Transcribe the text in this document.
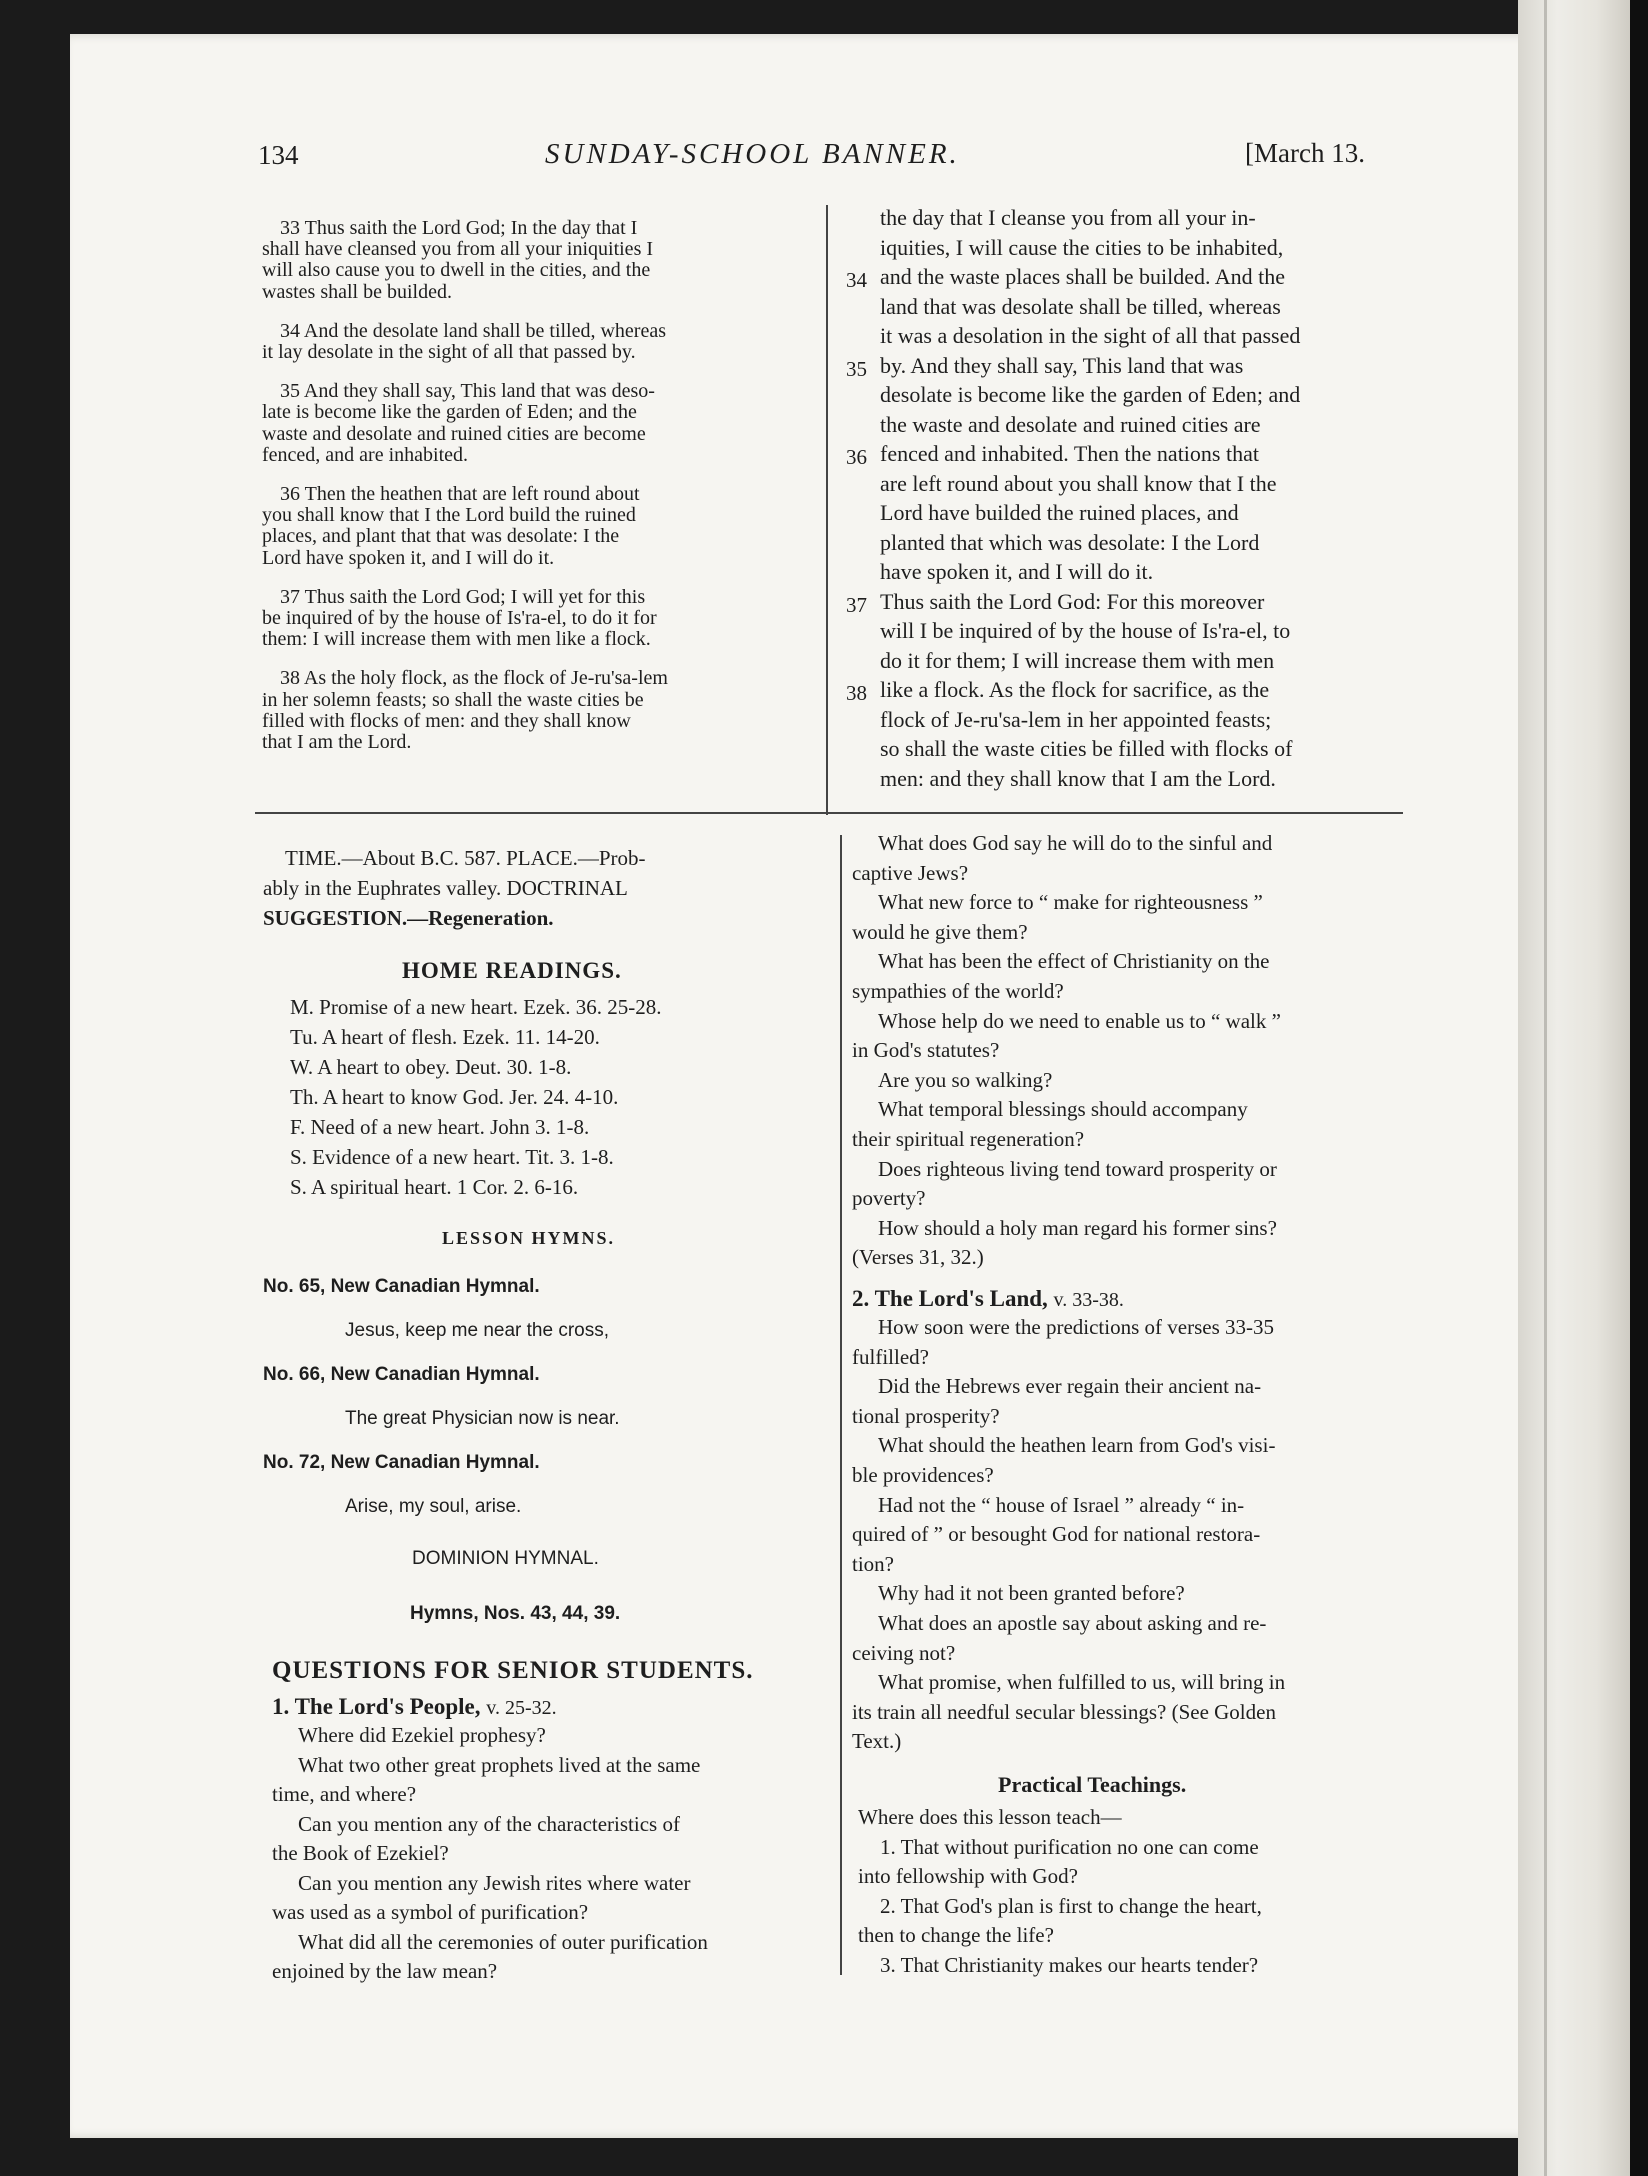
134	SUNDAY-SCHOOL BANNER.	[March 13.
33 Thus saith the Lord God; In the day that I
shall have cleansed you from all your iniquities I
will also cause you to dwell in the cities, and the
wastes shall be builded.
34 And the desolate land shall be tilled, whereas
it lay desolate in the sight of all that passed by.
35 And they shall say, This land that was deso-
late is become like the garden of Eden; and the
waste and desolate and ruined cities are become
fenced, and are inhabited.
36 Then the heathen that are left round about
you shall know that I the Lord build the ruined
places, and plant that that was desolate: I the
Lord have spoken it, and I will do it.
37 Thus saith the Lord God; I will yet for this
be inquired of by the house of Is'ra-el, to do it for
them: I will increase them with men like a flock.
38 As the holy flock, as the flock of Je-ru'sa-lem
in her solemn feasts; so shall the waste cities be
filled with flocks of men: and they shall know
that I am the Lord.
the day that I cleanse you from all your in-
iquities, I will cause the cities to be inhabited,
and the waste places shall be builded. And the
land that was desolate shall be tilled, whereas
it was a desolation in the sight of all that passed
by. And they shall say, This land that was
desolate is become like the garden of Eden; and
the waste and desolate and ruined cities are
fenced and inhabited. Then the nations that
are left round about you shall know that I the
Lord have builded the ruined places, and
planted that which was desolate: I the Lord
have spoken it, and I will do it.
Thus saith the Lord God: For this moreover
will I be inquired of by the house of Is'ra-el, to
do it for them; I will increase them with men
like a flock. As the flock for sacrifice, as the
flock of Je-ru'sa-lem in her appointed feasts;
so shall the waste cities be filled with flocks of
men: and they shall know that I am the Lord.
34
35
36
37
38
TIME.—About B.C. 587. PLACE.—Prob-
ably in the Euphrates valley. DOCTRINAL
SUGGESTION.—Regeneration.
HOME READINGS.
M. Promise of a new heart. Ezek. 36. 25-28.
Tu. A heart of flesh. Ezek. 11. 14-20.
W. A heart to obey. Deut. 30. 1-8.
Th. A heart to know God. Jer. 24. 4-10.
F. Need of a new heart. John 3. 1-8.
S. Evidence of a new heart. Tit. 3. 1-8.
S. A spiritual heart. 1 Cor. 2. 6-16.
LESSON HYMNS.
No. 65, New Canadian Hymnal.
Jesus, keep me near the cross,
No. 66, New Canadian Hymnal.
The great Physician now is near.
No. 72, New Canadian Hymnal.
Arise, my soul, arise.
DOMINION HYMNAL.
Hymns, Nos. 43, 44, 39.
QUESTIONS FOR SENIOR STUDENTS.
1. The Lord's People, v. 25-32.
Where did Ezekiel prophesy?
What two other great prophets lived at the same
time, and where?
Can you mention any of the characteristics of
the Book of Ezekiel?
Can you mention any Jewish rites where water
was used as a symbol of purification?
What did all the ceremonies of outer purification
enjoined by the law mean?
What does God say he will do to the sinful and
captive Jews?
What new force to “ make for righteousness ”
would he give them?
What has been the effect of Christianity on the
sympathies of the world?
Whose help do we need to enable us to “ walk ”
in God's statutes?
Are you so walking?
What temporal blessings should accompany
their spiritual regeneration?
Does righteous living tend toward prosperity or
poverty?
How should a holy man regard his former sins?
(Verses 31, 32.)
2. The Lord's Land, v. 33-38.
How soon were the predictions of verses 33-35
fulfilled?
Did the Hebrews ever regain their ancient na-
tional prosperity?
What should the heathen learn from God's visi-
ble providences?
Had not the “ house of Israel ” already “ in-
quired of ” or besought God for national restora-
tion?
Why had it not been granted before?
What does an apostle say about asking and re-
ceiving not?
What promise, when fulfilled to us, will bring in
its train all needful secular blessings? (See Golden
Text.)
Practical Teachings.
Where does this lesson teach—
1. That without purification no one can come
into fellowship with God?
2. That God's plan is first to change the heart,
then to change the life?
3. That Christianity makes our hearts tender?
